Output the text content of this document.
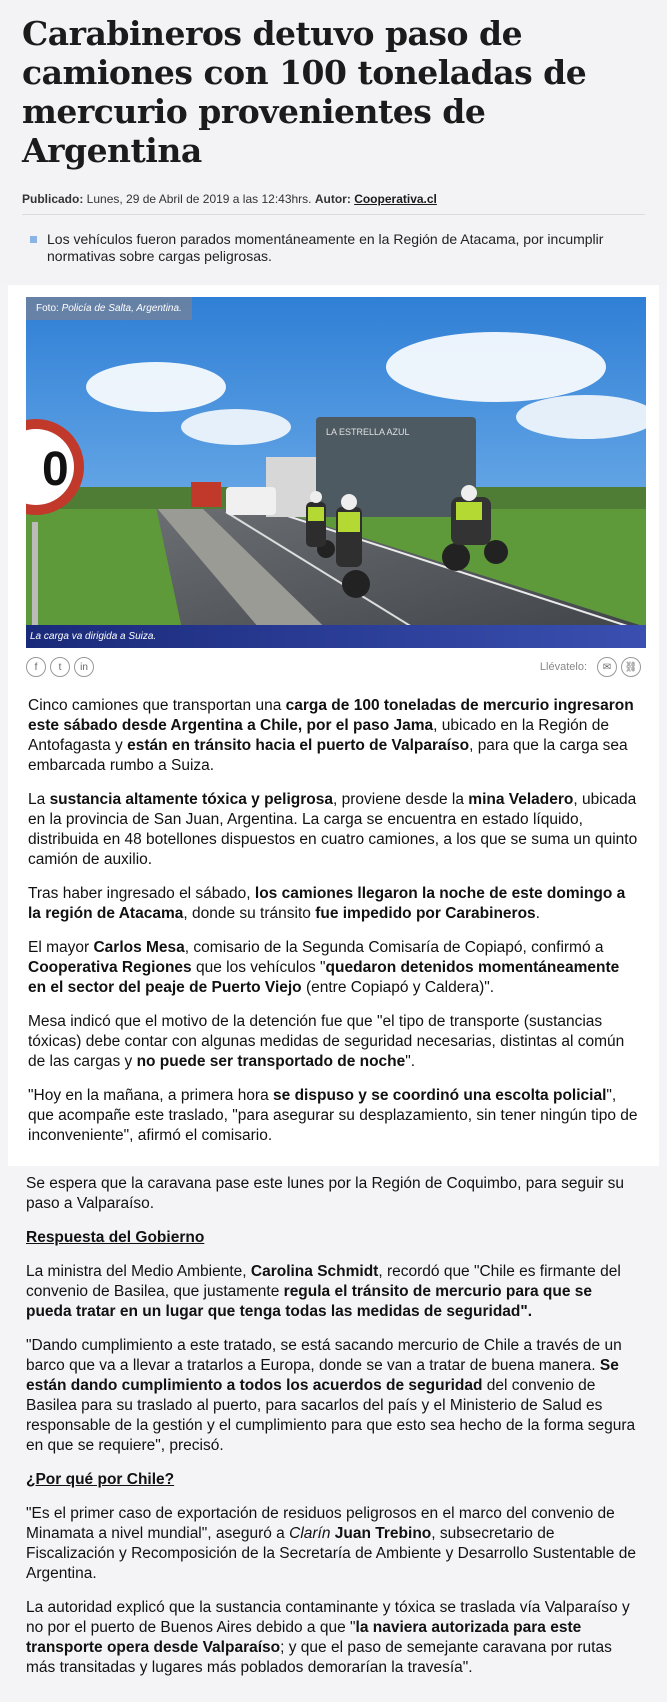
Carabineros detuvo paso de camiones con 100 toneladas de mercurio provenientes de Argentina
Publicado: Lunes, 29 de Abril de 2019 a las 12:43hrs. Autor: Cooperativa.cl
Los vehículos fueron parados momentáneamente en la Región de Atacama, por incumplir normativas sobre cargas peligrosas.
LA ESTRELLA AZUL
0
Foto: Policía de Salta, Argentina.
La carga va dirigida a Suiza.
f	t	in	Llévatelo:	✉	⛓

Cinco camiones que transportan una carga de 100 toneladas de mercurio ingresaron este sábado desde Argentina a Chile, por el paso Jama, ubicado en la Región de Antofagasta y están en tránsito hacia el puerto de Valparaíso, para que la carga sea embarcada rumbo a Suiza.

La sustancia altamente tóxica y peligrosa, proviene desde la mina Veladero, ubicada en la provincia de San Juan, Argentina. La carga se encuentra en estado líquido, distribuida en 48 botellones dispuestos en cuatro camiones, a los que se suma un quinto camión de auxilio.

Tras haber ingresado el sábado, los camiones llegaron la noche de este domingo a la región de Atacama, donde su tránsito fue impedido por Carabineros.

El mayor Carlos Mesa, comisario de la Segunda Comisaría de Copiapó, confirmó a Cooperativa Regiones que los vehículos "quedaron detenidos momentáneamente en el sector del peaje de Puerto Viejo (entre Copiapó y Caldera)".

Mesa indicó que el motivo de la detención fue que "el tipo de transporte (sustancias tóxicas) debe contar con algunas medidas de seguridad necesarias, distintas al común de las cargas y no puede ser transportado de noche".

"Hoy en la mañana, a primera hora se dispuso y se coordinó una escolta policial", que acompañe este traslado, "para asegurar su desplazamiento, sin tener ningún tipo de inconveniente", afirmó el comisario.

Se espera que la caravana pase este lunes por la Región de Coquimbo, para seguir su paso a Valparaíso.

Respuesta del Gobierno

La ministra del Medio Ambiente, Carolina Schmidt, recordó que "Chile es firmante del convenio de Basilea, que justamente regula el tránsito de mercurio para que se pueda tratar en un lugar que tenga todas las medidas de seguridad".

"Dando cumplimiento a este tratado, se está sacando mercurio de Chile a través de un barco que va a llevar a tratarlos a Europa, donde se van a tratar de buena manera. Se están dando cumplimiento a todos los acuerdos de seguridad del convenio de Basilea para su traslado al puerto, para sacarlos del país y el Ministerio de Salud es responsable de la gestión y el cumplimiento para que esto sea hecho de la forma segura en que se requiere", precisó.

¿Por qué por Chile?

"Es el primer caso de exportación de residuos peligrosos en el marco del convenio de Minamata a nivel mundial", aseguró a Clarín Juan Trebino, subsecretario de Fiscalización y Recomposición de la Secretaría de Ambiente y Desarrollo Sustentable de Argentina.

La autoridad explicó que la sustancia contaminante y tóxica se traslada vía Valparaíso y no por el puerto de Buenos Aires debido a que "la naviera autorizada para este transporte opera desde Valparaíso; y que el paso de semejante caravana por rutas más transitadas y lugares más poblados demorarían la travesía".
